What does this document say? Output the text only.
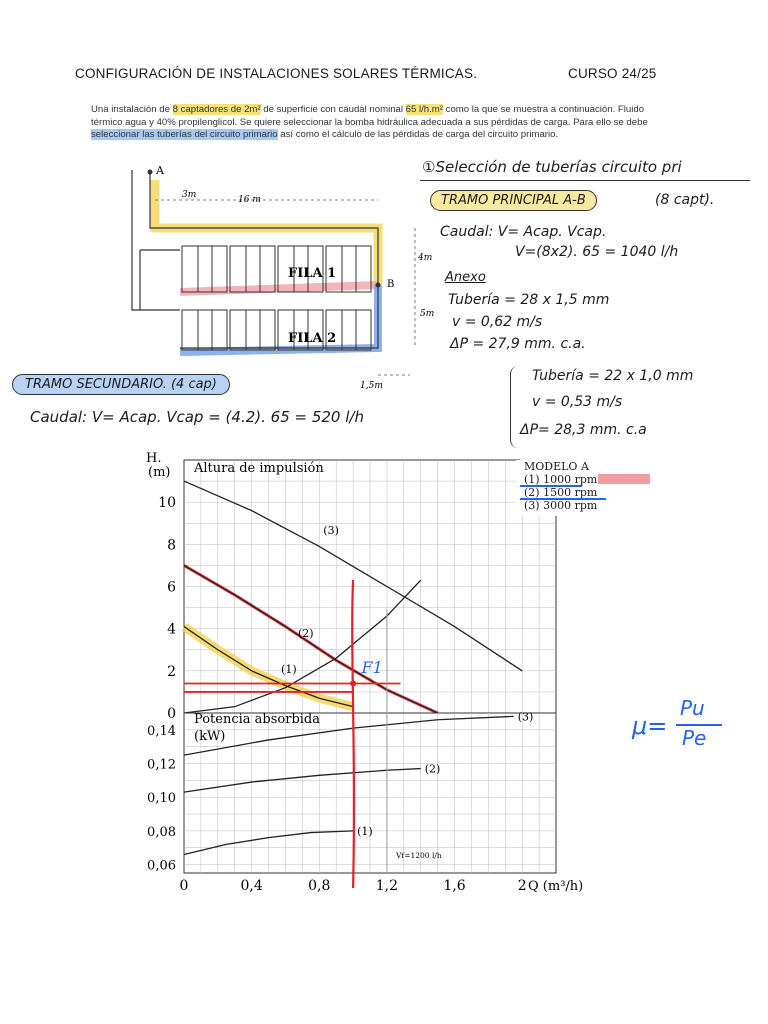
CONFIGURACIÓN DE INSTALACIONES SOLARES TÉRMICAS.	CURSO 24/25
Una instalación de 8 captadores de 2m² de superficie con caudal nominal 65 l/h.m² como la que se muestra a continuación. Fluido térmico agua y 40% propilenglicol. Se quiere seleccionar la bomba hidráulica adecuada a sus pérdidas de carga. Para ello se debe seleccionar las tuberías del circuito primario así como el cálculo de las pérdidas de carga del circuito primario.
A
B
3m	16 m
4m
5m
1,5m
FILA 1
FILA 2
①Selección de tuberías circuito pri
TRAMO PRINCIPAL A-B	(8 capt).
Caudal: V= Acap. Vcap.
V=(8x2). 65 = 1040 l/h
Anexo
Tubería = 28 x 1,5 mm
v = 0,62 m/s
ΔP = 27,9 mm. c.a.
TRAMO SECUNDARIO. (4 cap)
Caudal: V= Acap. Vcap = (4.2). 65 = 520 l/h
Tubería = 22 x 1,0 mm
v = 0,53 m/s
ΔP= 28,3 mm. c.a
μ=
Pu
Pe
H.
(m) Altura de impulsión
0
2
4
6
8
10
(3)
(2)
(1)
Potencia absorbida
(kW)
0,06
0,08
0,10
0,12
0,14
(3)
(2)
(1)
0	0,4	0,8	1,2	1,6	2 Q (m³/h)
Vf=1200 l/h
F1
MODELO A
(1) 1000 rpm
(2) 1500 rpm
(3) 3000 rpm
